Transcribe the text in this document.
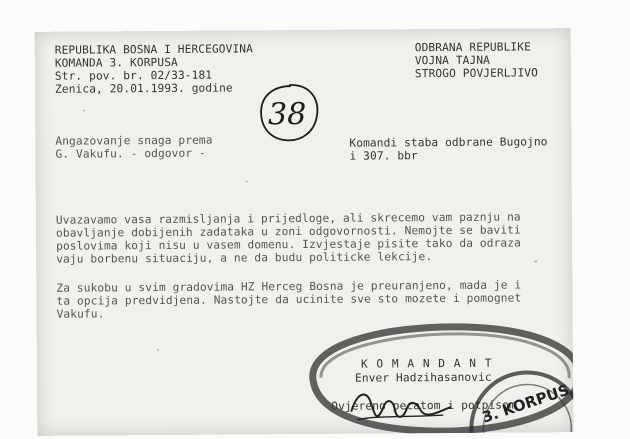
REPUBLIKA BOSNA I HERCEGOVINA
KOMANDA 3. KORPUSA
Str. pov. br. 02/33-181
Zenica, 20.01.1993. godine
ODBRANA REPUBLIKE
VOJNA TAJNA
STROGO POVJERLJIVO
38
Angazovanje snaga prema
G. Vakufu. - odgovor -
Komandi staba odbrane Bugojno
i 307. bbr
Uvazavamo vasa razmisljanja i prijedloge, ali skrecemo vam paznju na
obavljanje dobijenih zadataka u zoni odgovornosti. Nemojte se baviti
poslovima koji nisu u vasem domenu. Izvjestaje pisite tako da odraza
vaju borbenu situaciju, a ne da budu politicke lekcije.
Za sukobu u svim gradovima HZ Herceg Bosna je preuranjeno, mada je i
ta opcija predvidjena. Nastojte da ucinite sve sto mozete i pomognet
Vakufu.
K O M A N D A N T
Enver Hadzihasanovic
Ovjereno pecatom i potpisom
3. KORPUS
